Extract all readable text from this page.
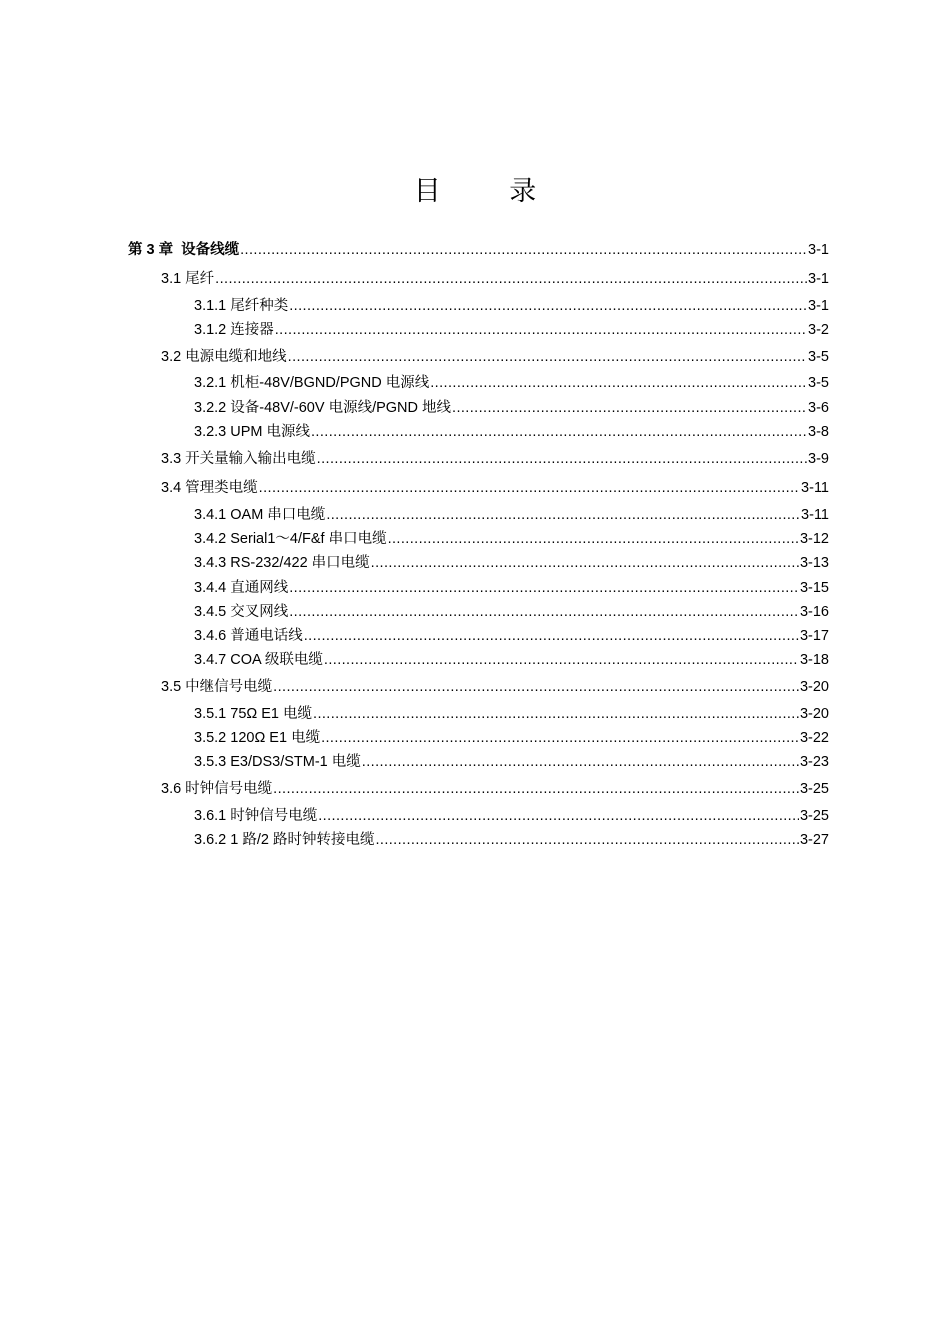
目 录
第 3 章 设备线缆 .....	3-1
3.1 尾纤 .....	3-1
3.1.1 尾纤种类 .....	3-1
3.1.2 连接器 .....	3-2
3.2 电源电缆和地线 .....	3-5
3.2.1 机柜-48V/BGND/PGND 电源线 .....	3-5
3.2.2 设备-48V/-60V 电源线/PGND 地线 .....	3-6
3.2.3 UPM 电源线 .....	3-8
3.3 开关量输入输出电缆 .....	3-9
3.4 管理类电缆 .....	3-11
3.4.1 OAM 串口电缆 .....	3-11
3.4.2 Serial1～4/F&f 串口电缆 .....	3-12
3.4.3 RS-232/422 串口电缆 .....	3-13
3.4.4 直通网线 .....	3-15
3.4.5 交叉网线 .....	3-16
3.4.6 普通电话线 .....	3-17
3.4.7 COA 级联电缆 .....	3-18
3.5 中继信号电缆 .....	3-20
3.5.1 75Ω E1 电缆 .....	3-20
3.5.2 120Ω E1 电缆 .....	3-22
3.5.3 E3/DS3/STM-1 电缆 .....	3-23
3.6 时钟信号电缆 .....	3-25
3.6.1 时钟信号电缆 .....	3-25
3.6.2 1 路/2 路时钟转接电缆 .....	3-27
